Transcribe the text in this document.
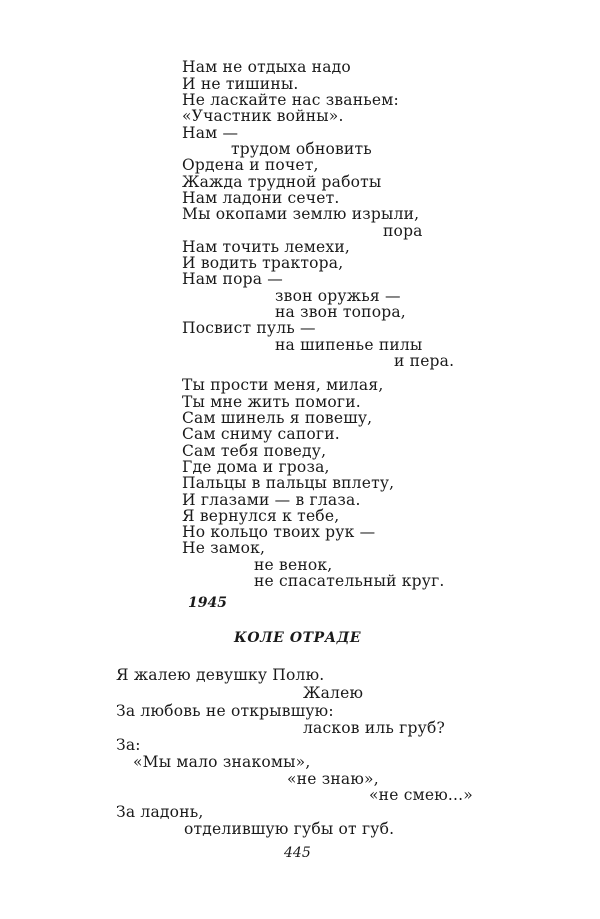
Нам не отдыха надо
И не тишины.
Не ласкайте нас званьем:
«Участник войны».
Нам —
трудом обновить
Ордена и почет,
Жажда трудной работы
Нам ладони сечет.
Мы окопами землю изрыли,
пора
Нам точить лемехи,
И водить трактора,
Нам пора —
звон оружья —
на звон топора,
Посвист пуль —
на шипенье пилы
и пера.
Ты прости меня, милая,
Ты мне жить помоги.
Сам шинель я повешу,
Сам сниму сапоги.
Сам тебя поведу,
Где дома и гроза,
Пальцы в пальцы вплету,
И глазами — в глаза.
Я вернулся к тебе,
Но кольцо твоих рук —
Не замок,
не венок,
не спасательный круг.
1945
КОЛЕ ОТРАДЕ
Я жалею девушку Полю.
Жалею
За любовь не открывшую:
ласков иль груб?
За:
«Мы мало знакомы»,
«не знаю»,
«не смею...»
За ладонь,
отделившую губы от губ.
445
